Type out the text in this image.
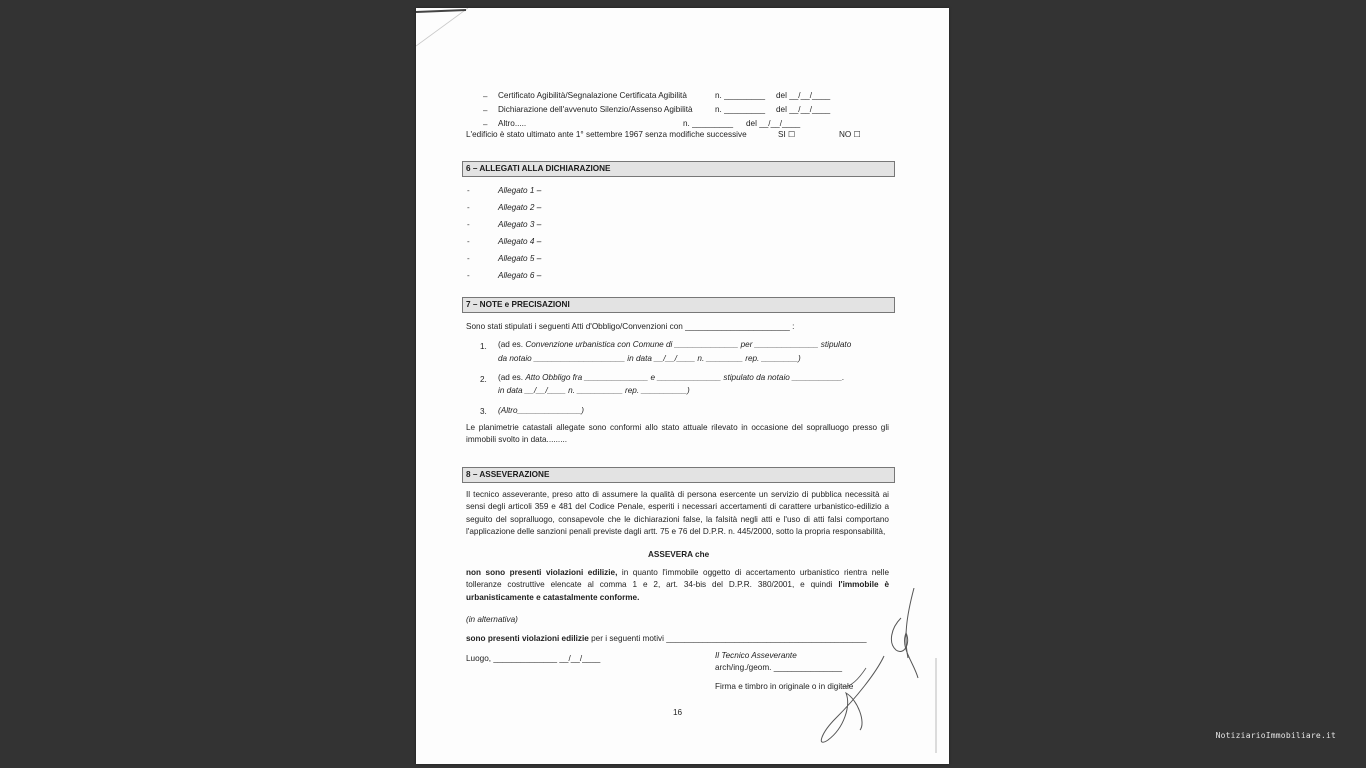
– Certificato Agibilità/Segnalazione Certificata Agibilità	n. _________ del __/__/____
– Dichiarazione dell'avvenuto Silenzio/Assenso Agibilità	n. _________ del __/__/____
– Altro.....	n. _________ del __/__/____
L'edificio è stato ultimato ante 1° settembre 1967 senza modifiche successive	SI ☐	NO ☐
6 – ALLEGATI ALLA DICHIARAZIONE
-	Allegato 1 –
-	Allegato 2 –
-	Allegato 3 –
-	Allegato 4 –
-	Allegato 5 –
-	Allegato 6 –
7 – NOTE e PRECISAZIONI
Sono stati stipulati i seguenti Atti d'Obbligo/Convenzioni con _______________________ :
1. (ad es. Convenzione urbanistica con Comune di ______________ per ______________ stipulato
da notaio ____________________ in data __/__/____ n. ________ rep. ________)
2. (ad es. Atto Obbligo fra ______________ e ______________ stipulato da notaio ___________.
in data __/__/____ n. __________ rep. __________)
3. (Altro______________)
Le planimetrie catastali allegate sono conformi allo stato attuale rilevato in occasione del sopralluogo presso gli immobili svolto in data.........
8 – ASSEVERAZIONE
Il tecnico asseverante, preso atto di assumere la qualità di persona esercente un servizio di pubblica necessità ai sensi degli articoli 359 e 481 del Codice Penale, esperiti i necessari accertamenti di carattere urbanistico-edilizio a seguito del sopralluogo, consapevole che le dichiarazioni false, la falsità negli atti e l'uso di atti falsi comportano l'applicazione delle sanzioni penali previste dagli artt. 75 e 76 del D.P.R. n. 445/2000, sotto la propria responsabilità,
ASSEVERA che
non sono presenti violazioni edilizie, in quanto l'immobile oggetto di accertamento urbanistico rientra nelle tolleranze costruttive elencate al comma 1 e 2, art. 34-bis del D.P.R. 380/2001, e quindi l'immobile è urbanisticamente e catastalmente conforme.
(in alternativa)
sono presenti violazioni edilizie per i seguenti motivi ____________________________________________
Luogo, ______________ __/__/____	Il Tecnico Asseverante
arch/ing./geom. _______________
Firma e timbro in originale o in digitale
16
NotiziarioImmobiliare.it
